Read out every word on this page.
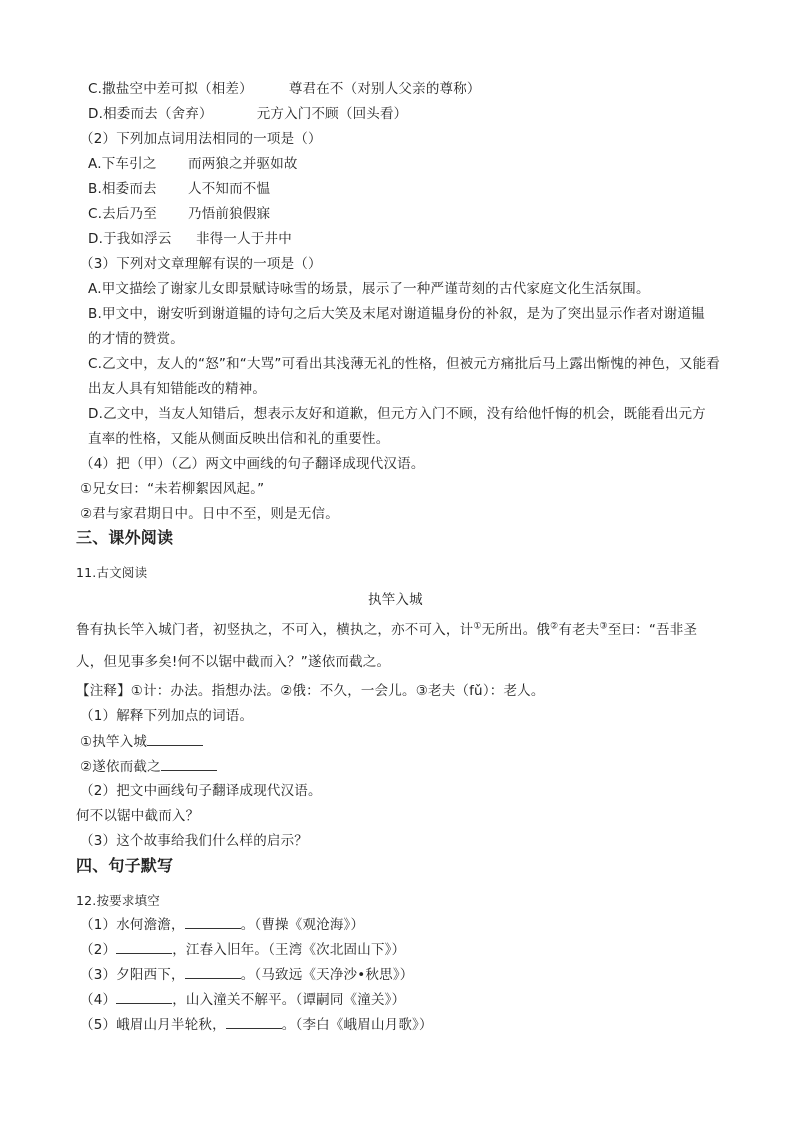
C.撒盐空中差可拟（相差）	尊君在不（对别人父亲的尊称）
D.相委而去（舍弃）	元方入门不顾（回头看）
（2）下列加点词用法相同的一项是（）
A.下车引之 而两狼之并驱如故
B.相委而去 人不知而不愠
C.去后乃至 乃悟前狼假寐
D.于我如浮云 非得一人于井中
（3）下列对文章理解有误的一项是（）
A.甲文描绘了谢家儿女即景赋诗咏雪的场景，展示了一种严谨苛刻的古代家庭文化生活氛围。
B.甲文中，谢安听到谢道韫的诗句之后大笑及末尾对谢道韫身份的补叙，是为了突出显示作者对谢道韫
的才情的赞赏。
C.乙文中，友人的“怒”和“大骂”可看出其浅薄无礼的性格，但被元方痛批后马上露出惭愧的神色，又能看
出友人具有知错能改的精神。
D.乙文中，当友人知错后，想表示友好和道歉，但元方入门不顾，没有给他忏悔的机会，既能看出元方
直率的性格，又能从侧面反映出信和礼的重要性。
（4）把（甲）（乙）两文中画线的句子翻译成现代汉语。
①兄女曰：“未若柳絮因风起。”
②君与家君期日中。日中不至，则是无信。
三、课外阅读
11.古文阅读
执竿入城
鲁有执长竿入城门者，初竖执之，不可入，横执之，亦不可入，计①无所出。俄②有老夫③至曰：“吾非圣
人，但见事多矣!何不以锯中截而入？”遂依而截之。
【注释】①计：办法。指想办法。②俄：不久，一会儿。③老夫（fǔ）：老人。
（1）解释下列加点的词语。
①执竿入城
②遂依而截之
（2）把文中画线句子翻译成现代汉语。
何不以锯中截而入？
（3）这个故事给我们什么样的启示？
四、句子默写
12.按要求填空
（1）水何澹澹，	。（曹操《观沧海》）
（2）	，江春入旧年。（王湾《次北固山下》）
（3）夕阳西下，	。（马致远《天净沙•秋思》）
（4）	，山入潼关不解平。（谭嗣同《潼关》）
（5）峨眉山月半轮秋，	。（李白《峨眉山月歌》）
